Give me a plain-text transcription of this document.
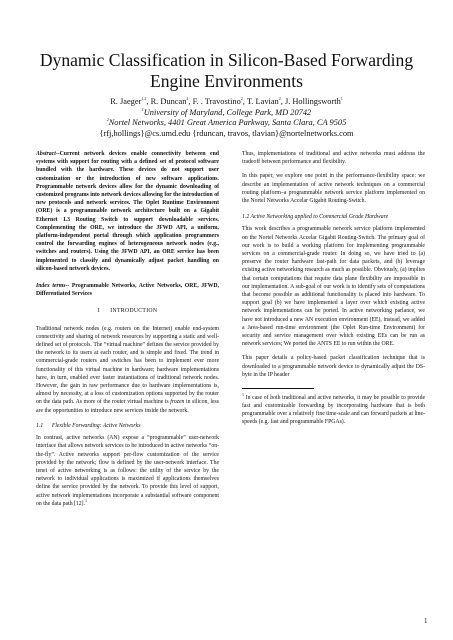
Dynamic Classification in Silicon-Based Forwarding Engine Environments
R. Jaeger$^{1,2}$, R. Duncan$^2$, F. . Travostino$^2$, T. Lavian$^2$, J. Hollingsworth$^1$
$^1$University of Maryland, College Park, MD 20742
$^2$Nortel Networks, 4401 Great America Parkway, Santa Clara, CA 9505
{rfj,hollings}@cs.umd.edu {rduncan, travos, tlavian}@nortelnetworks.com

Abstract--Current network devices enable connectivity between end systems with support for routing with a defined set of protocol software bundled with the hardware. These devices do not support user customization or the introduction of new software applications. Programmable network devices allow for the dynamic downloading of customized programs into network devices allowing for the introduction of new protocols and network services. The Oplet Runtime Environment (ORE) is a programmable network architecture built on a Gigabit Ethernet L3 Routing Switch to support downloadable services. Complementing the ORE, we introduce the JFWD API, a uniform, platform-independent portal through which application programmers control the forwarding engines of heterogeneous network nodes (e.g., switches and routers). Using the JFWD API, an ORE service has been implemented to classify and dynamically adjust packet handling on silicon-based network devices.

Index terms-- Programmable Networks, Active Networks, ORE, JFWD, Differentiated Services

I      INTRODUCTION

Traditional network nodes (e.g. routers on the Internet) enable end-system connectivity and sharing of network resources by supporting a static and well-defined set of protocols. The “virtual machine” defines the service provided by the network to its users at each router, and is simple and fixed. The trend in commercial-grade routers and switches has been to implement ever more functionality of this virtual machine in hardware; hardware implementations have, in turn, enabled ever faster instantiations of traditional network nodes. However, the gain in raw performance due to hardware implementations is, almost by necessity, at a loss of customization options supported by the router on the data path. As more of the router virtual machine is frozen in silicon, less are the opportunities to introduce new services inside the network.

1.1      Flexible Forwarding: Active Networks

In contrast, active networks (AN) expose a “programmable” user-network interface that allows network services to be introduced in active networks “on-the-fly”. Active networks support per-flow customization of the service provided by the network; flow is defined by the user-network interface. The tenet of active networking is as follows: the utility of the service by the network to individual applications is maximized if applications themselves define the service provided by the network. To provide this level of support, active network implementations incorporate a substantial software component on the data path [12].$^1$

Thus, implementations of traditional and active networks must address the tradeoff between performance and flexibility.

In this paper, we explore one point in the performance-flexibility space: we describe an implementation of active network techniques on a commercial routing platform–a programmable network service platform implemented on the Nortel Networks Accelar Gigabit Routing-Switch.

1.2 Active Networking applied to Commercial Grade Hardware

This work describes a programmable network service platform implemented on the Nortel Networks Accelar Gigabit Routing-Switch. The primary goal of our work is to build a working platform for implementing programmable services on a commercial-grade router. In doing so, we have tried to (a) preserve the router hardware fast-path for data packets, and (b) leverage existing active networking research as much as possible. Obviously, (a) implies that certain computations that require data plane flexibility are impossible in our implementation. A sub-goal of our work is to identify sets of computations that become possible as additional functionality is placed into hardware. To support goal (b) we have implemented a layer over which existing active network implementations can be ported. In active networking parlance, we have not introduced a new AN execution environment (EE), instead, we added a Java-based run-time environment (the Oplet Run-time Environment) for security and service management over which existing EEs can be run as network services; We ported the ANTS EE to run within the ORE.

This paper details a policy-based packet classification technique that is downloaded to a programmable network device to dynamically adjust the DS-byte in the IP header

$^1$ In case of both traditional and active networks, it may be possible to provide fast and customizable forwarding by incorporating hardware that is both programmable over a relatively fine time-scale and can forward packets at line-speeds (e.g. fast and programmable FPGAs).

1
